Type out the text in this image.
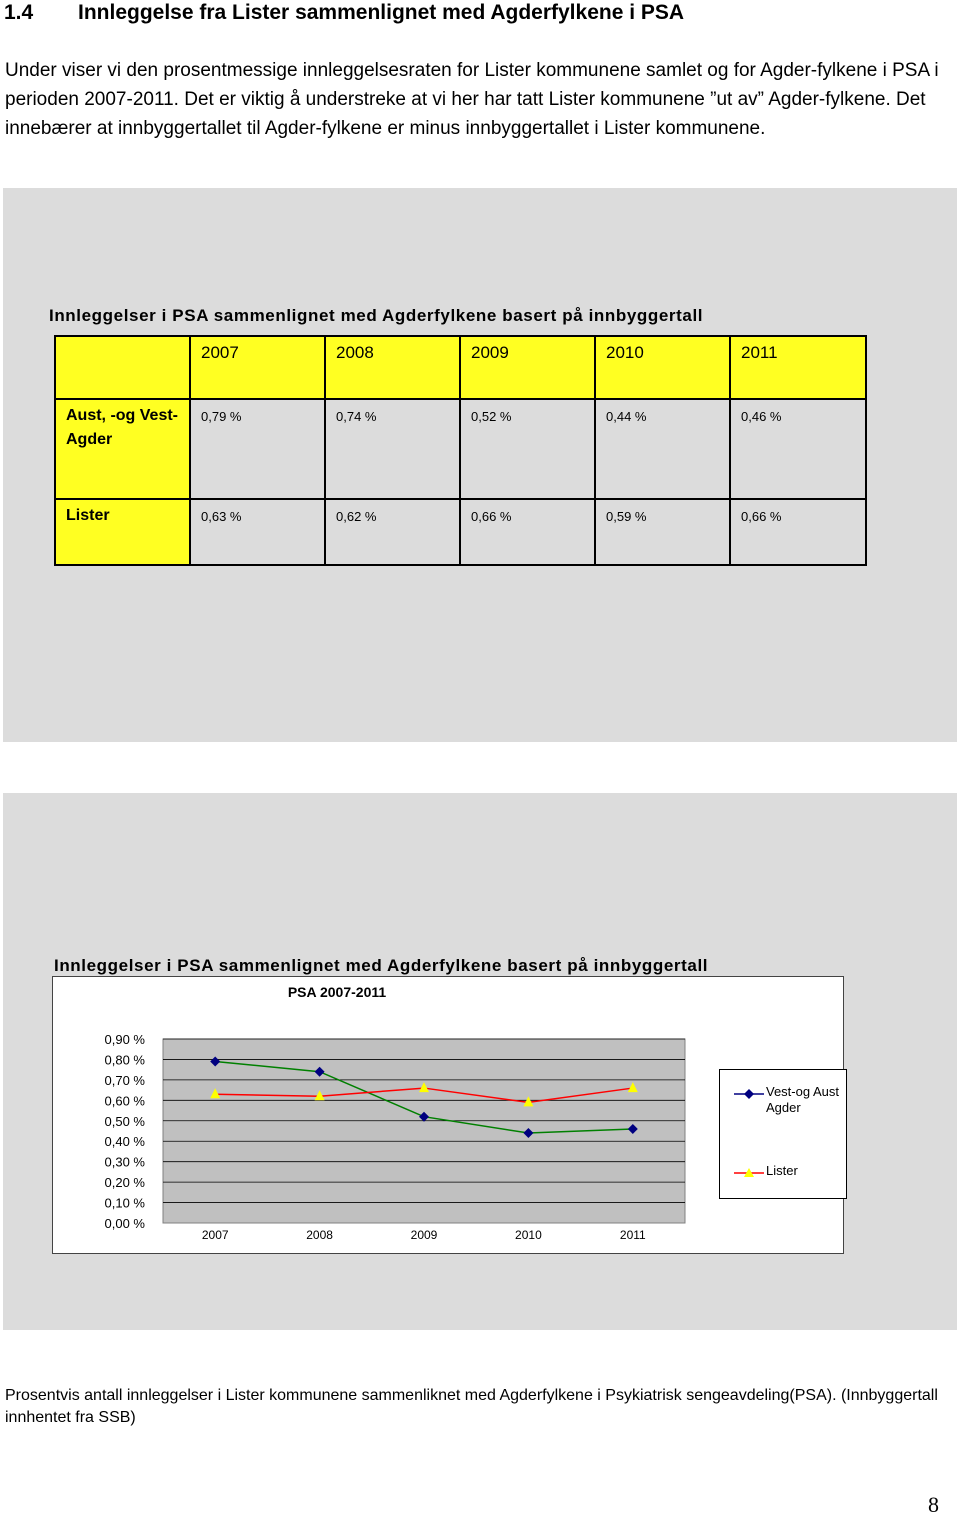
1.4 Innleggelse fra Lister sammenlignet med Agderfylkene i PSA

Under viser vi den prosentmessige innleggelsesraten for Lister kommunene samlet og for Agder-fylkene i PSA i perioden 2007-2011. Det er viktig å understreke at vi her har tatt Lister kommunene ”ut av” Agder-fylkene. Det innebærer at innbyggertallet til Agder-fylkene er minus innbyggertallet i Lister kommunene.

Innleggelser i PSA sammenlignet med Agderfylkene basert på innbyggertall
	2007	2008	2009	2010	2011
Aust, -og Vest- Agder	0,79 %	0,74 %	0,52 %	0,44 %	0,46 %
Lister	0,63 %	0,62 %	0,66 %	0,59 %	0,66 %
Innleggelser i PSA sammenlignet med Agderfylkene basert på innbyggertall
PSA 2007-2011
0,00 %
0,10 %
0,20 %
0,30 %
0,40 %
0,50 %
0,60 %
0,70 %
0,80 %
0,90 %
2007	2008	2009	2010	2011
Vest-og Aust Agder
Lister

Prosentvis antall innleggelser i Lister kommunene sammenliknet med Agderfylkene i Psykiatrisk sengeavdeling(PSA). (Innbyggertall innhentet fra SSB)

8
